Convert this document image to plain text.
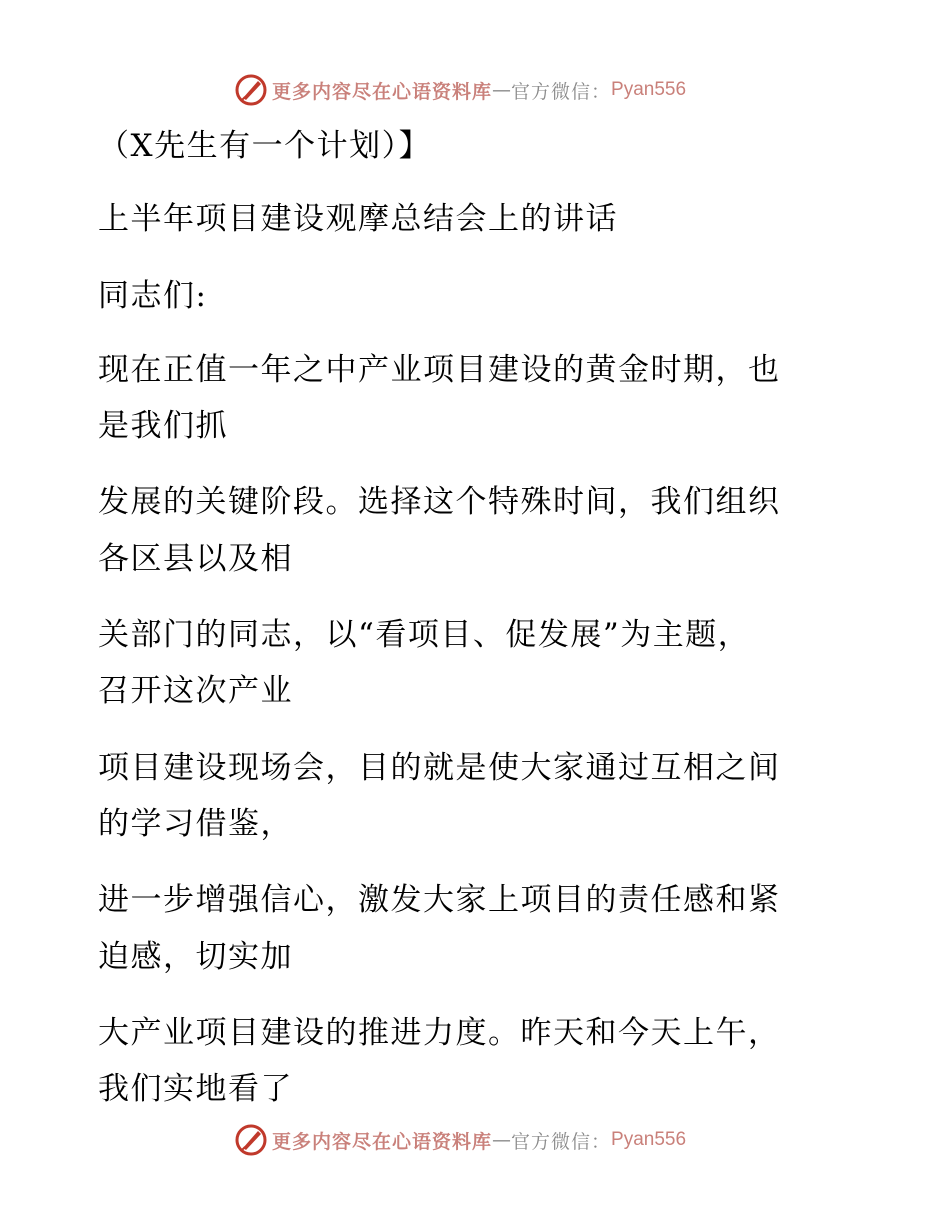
更多内容尽在心语资料库 — 官方微信： Pyan556
（X先生有一个计划）】
上半年项目建设观摩总结会上的讲话
同志们:
现在正值一年之中产业项目建设的黄金时期，也
是我们抓
发展的关键阶段。选择这个特殊时间，我们组织
各区县以及相
关部门的同志，以“看项目、促发展”为主题，
召开这次产业
项目建设现场会，目的就是使大家通过互相之间
的学习借鉴，
进一步增强信心，激发大家上项目的责任感和紧
迫感，切实加
大产业项目建设的推进力度。昨天和今天上午，
我们实地看了
更多内容尽在心语资料库 — 官方微信： Pyan556
